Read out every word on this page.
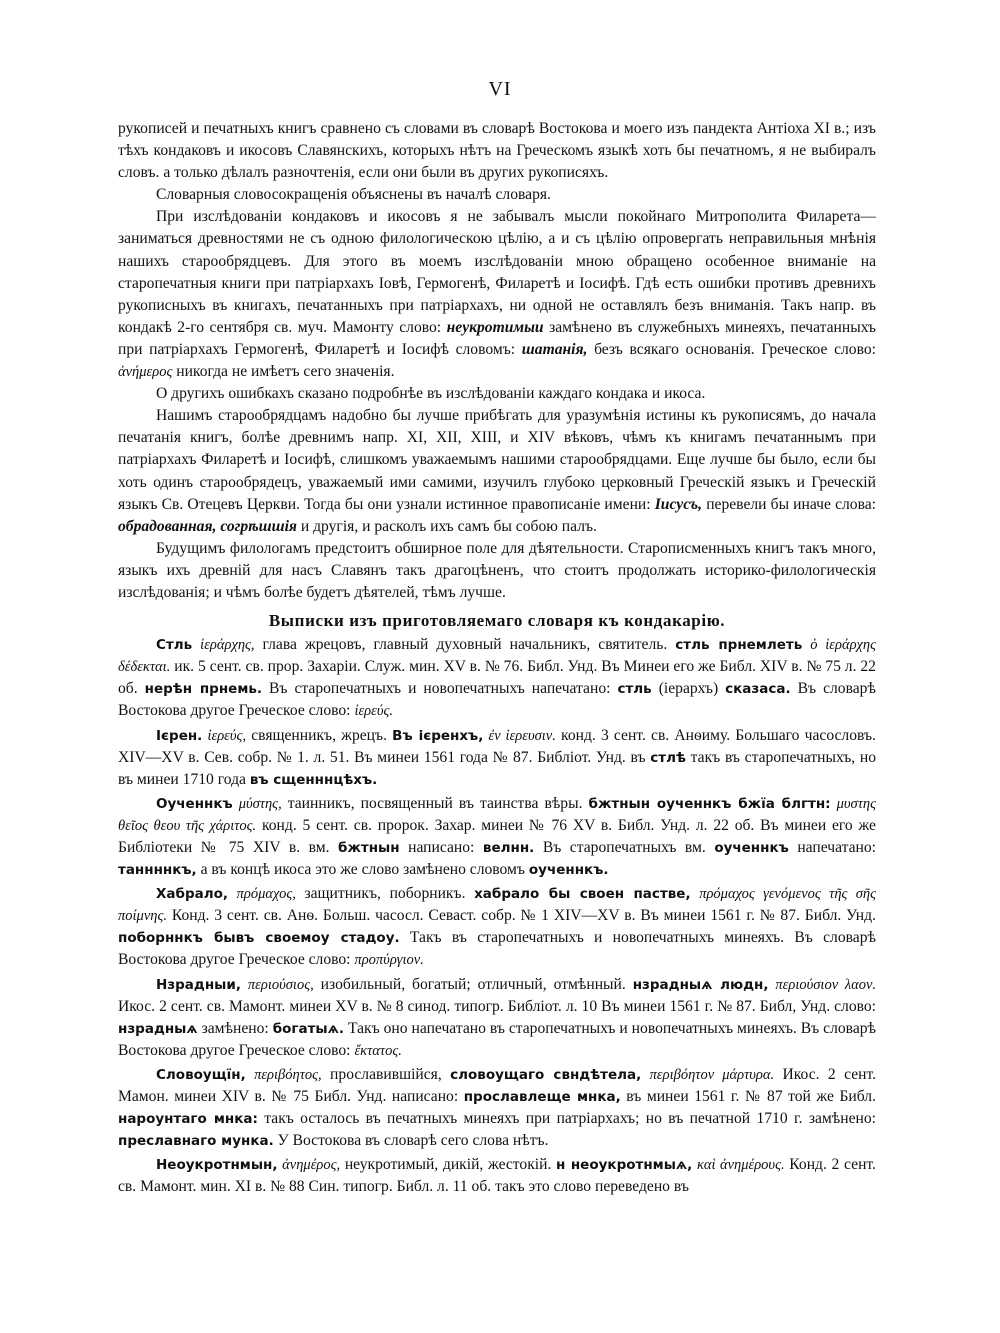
VI

рукописей и печатныхъ книгъ сравнено съ словами въ словарѣ Востокова и моего изъ пандекта Антіоха XI в.; изъ тѣхъ кондаковъ и икосовъ Славянскихъ, которыхъ нѣтъ на Греческомъ языкѣ хоть бы печатномъ, я не выбиралъ словъ. а только дѣлалъ разночтенія, если они были въ других рукописяхъ.

Словарныя словосокращенія объяснены въ началѣ словаря.

При изслѣдованіи кондаковъ и икосовъ я не забывалъ мысли покойнаго Митрополита Филарета—заниматься древностями не съ одною филологическою цѣлію, а и съ цѣлію опровергать неправильныя мнѣнія нашихъ старообрядцевъ. Для этого въ моемъ изслѣдованіи мною обращено особенное вниманіе на старопечатныя книги при патріархахъ Іовѣ, Гермогенѣ, Филаретѣ и Іосифѣ. Гдѣ есть ошибки противъ древнихъ рукописныхъ въ книгахъ, печатанныхъ при патріархахъ, ни одной не оставлялъ безъ вниманія. Такъ напр. въ кондакѣ 2-го сентября св. муч. Мамонту слово: неукротимыи замѣнено въ служебныхъ минеяхъ, печатанныхъ при патріархахъ Гермогенѣ, Филаретѣ и Іосифѣ словомъ: шатанія, безъ всякаго основанія. Греческое слово: ἀνήμερος никогда не имѣетъ сего значенія.

О другихъ ошибкахъ сказано подробнѣе въ изслѣдованіи каждаго кондака и икоса.

Нашимъ старообрядцамъ надобно бы лучше прибѣгать для уразумѣнія истины къ рукописямъ, до начала печатанія книгъ, болѣе древнимъ напр. XI, XII, XIII, и XIV вѣковъ, чѣмъ къ книгамъ печатаннымъ при патріархахъ Филаретѣ и Іосифѣ, слишкомъ уважаемымъ нашими старообрядцами. Еще лучше бы было, если бы хоть одинъ старообрядецъ, уважаемый ими самими, изучилъ глубоко церковный Греческій языкъ и Греческій языкъ Св. Отецевъ Церкви. Тогда бы они узнали истинное правописаніе имени: Іисусъ, перевели бы иначе слова: обрадованная, согрѣшшія и другія, и расколъ ихъ самъ бы собою палъ.

Будущимъ филологамъ предстоитъ обширное поле для дѣятельности. Старописменныхъ книгъ такъ много, языкъ ихъ древній для насъ Славянъ такъ драгоцѣненъ, что стоитъ продолжать историко-филологическія изслѣдованія; и чѣмъ болѣе будетъ дѣятелей, тѣмъ лучше.

Выписки изъ приготовляемаго словаря къ кондакарію.

Стль ἱεράρχης, глава жрецовъ, главный духовный начальникъ, святитель. стль прнемлеть ὁ ἱεράρχης δέδεκται. ик. 5 сент. св. прор. Захаріи. Служ. мин. XV в. № 76. Библ. Унд. Въ Минеи его же Библ. XIV в. № 75 л. 22 об. нерѣн прнемь. Въ старопечатныхъ и новопечатныхъ напечатано: стль (іерархъ) сказаса. Въ словарѣ Востокова другое Греческое слово: ἱερεύς.

Ієрен. ἱερεύς, священникъ, жрецъ. Въ ієренхъ, ἐν ἱερευσιν. конд. 3 сент. св. Анѳиму. Большаго часословъ. XIV—XV в. Сев. собр. № 1. л. 51. Въ минеи 1561 года № 87. Библіот. Унд. въ стлѣ такъ въ старопечатныхъ, но въ минеи 1710 года въ сщенннцѣхъ.

Оученнкъ μύστης, таинникъ, посвященный въ таинства вѣры. бжтнын оученнкъ бжїа блгтн: μυστης θεῖος θεου τῆς χάριτος. конд. 5 сент. св. пророк. Захар. минеи № 76 XV в. Библ. Унд. л. 22 об. Въ минеи его же Библіотеки № 75 XIV в. вм. бжтнын написано: велнн. Въ старопечатныхъ вм. оученнкъ напечатано: таннннкъ, а въ концѣ икоса это же слово замѣнено словомъ оученнкъ.

Хабрало, πρόμαχος, защитникъ, поборникъ. хабрало бы своен пастве, πρόμαχος γενόμενος τῆς σῆς ποίμνης. Конд. 3 сент. св. Анѳ. Больш. часосл. Севаст. собр. № 1 XIV—XV в. Въ минеи 1561 г. № 87. Библ. Унд. поборннкъ бывъ своемоу стадоу. Такъ въ старопечатныхъ и новопечатныхъ минеяхъ. Въ словарѣ Востокова другое Греческое слово: προπύργιον.

Нзрадныи, περιούσιος, изобильный, богатый; отличный, отмѣнный. нзрадныѧ людн, περιούσιον λαον. Икос. 2 сент. св. Мамонт. минеи XV в. № 8 синод. типогр. Библіот. л. 10 Въ минеи 1561 г. № 87. Библ, Унд. слово: нзрадныѧ замѣнено: богатыѧ. Такъ оно напечатано въ старопечатныхъ и новопечатныхъ минеяхъ. Въ словарѣ Востокова другое Греческое слово: ἔκτατος.

Словоущїн, περιβόητος, прославившійся, словоущаго свндѣтела, περιβόητον μάρτυρα. Икос. 2 сент. Мамон. минеи XIV в. № 75 Библ. Унд. написано: прославлеще мнка, въ минеи 1561 г. № 87 той же Библ. нароунтаго мнка: такъ осталось въ печатныхъ минеяхъ при патріархахъ; но въ печатной 1710 г. замѣнено: преславнаго мунка. У Востокова въ словарѣ сего слова нѣтъ.

Неоукротнмын, ἀνημέρος, неукротимый, дикій, жестокій. н неоукротнмыѧ, καὶ ἀνημέρους. Конд. 2 сент. св. Мамонт. мин. XI в. № 88 Син. типогр. Библ. л. 11 об. такъ это слово переведено въ
